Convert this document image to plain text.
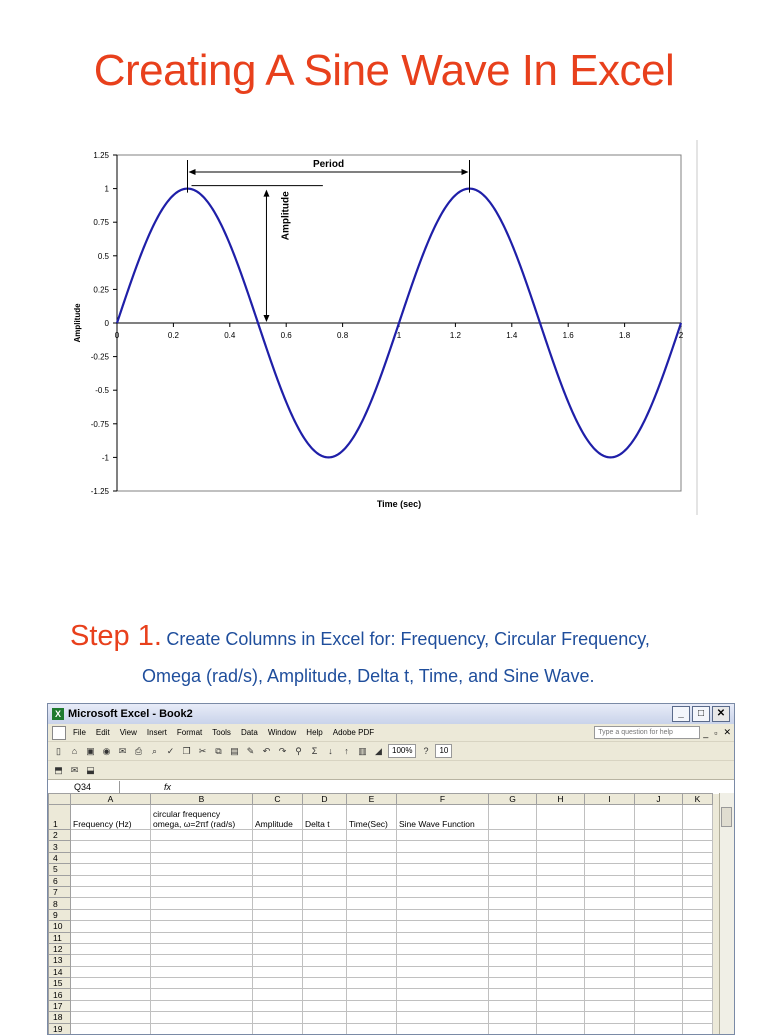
Creating A Sine Wave In Excel
1.25
1
0.75
0.5
0.25
0
-0.25
-0.5
-0.75
-1
-1.25
0	0.2	0.4	0.6	0.8	1	1.2	1.4	1.6	1.8	2
Period
Amplitude
Amplitude
Time (sec)
Step 1. Create Columns in Excel for: Frequency, Circular Frequency,
Omega (rad/s), Amplitude, Delta t, Time, and Sine Wave.
X Microsoft Excel - Book2	_	□	✕
File	Edit	View	Insert	Format	Tools	Data	Window	Help	Adobe PDF	Type a question for help	_ ▫ ✕
▯	⌂	▣ ◉ ✉ ⎙	⌕	✓ ❐ ✂	⧉ ▤ ✎ ↶ ↷ ⚲	Σ	↓	↑	▥ ◢	100%	?	10
⬒ ✉ ⬓
Q34	fx
	A	B	C	D	E	F	G	H	I	J	K
1	Frequency (Hz)	circular frequency
omega, ω=2πf (rad/s)	Amplitude	Delta t	Time(Sec)	Sine Wave Function					
2											
3											
4											
5											
6											
7											
8											
9											
10											
11											
12											
13											
14											
15											
16											
17											
18											
19											
